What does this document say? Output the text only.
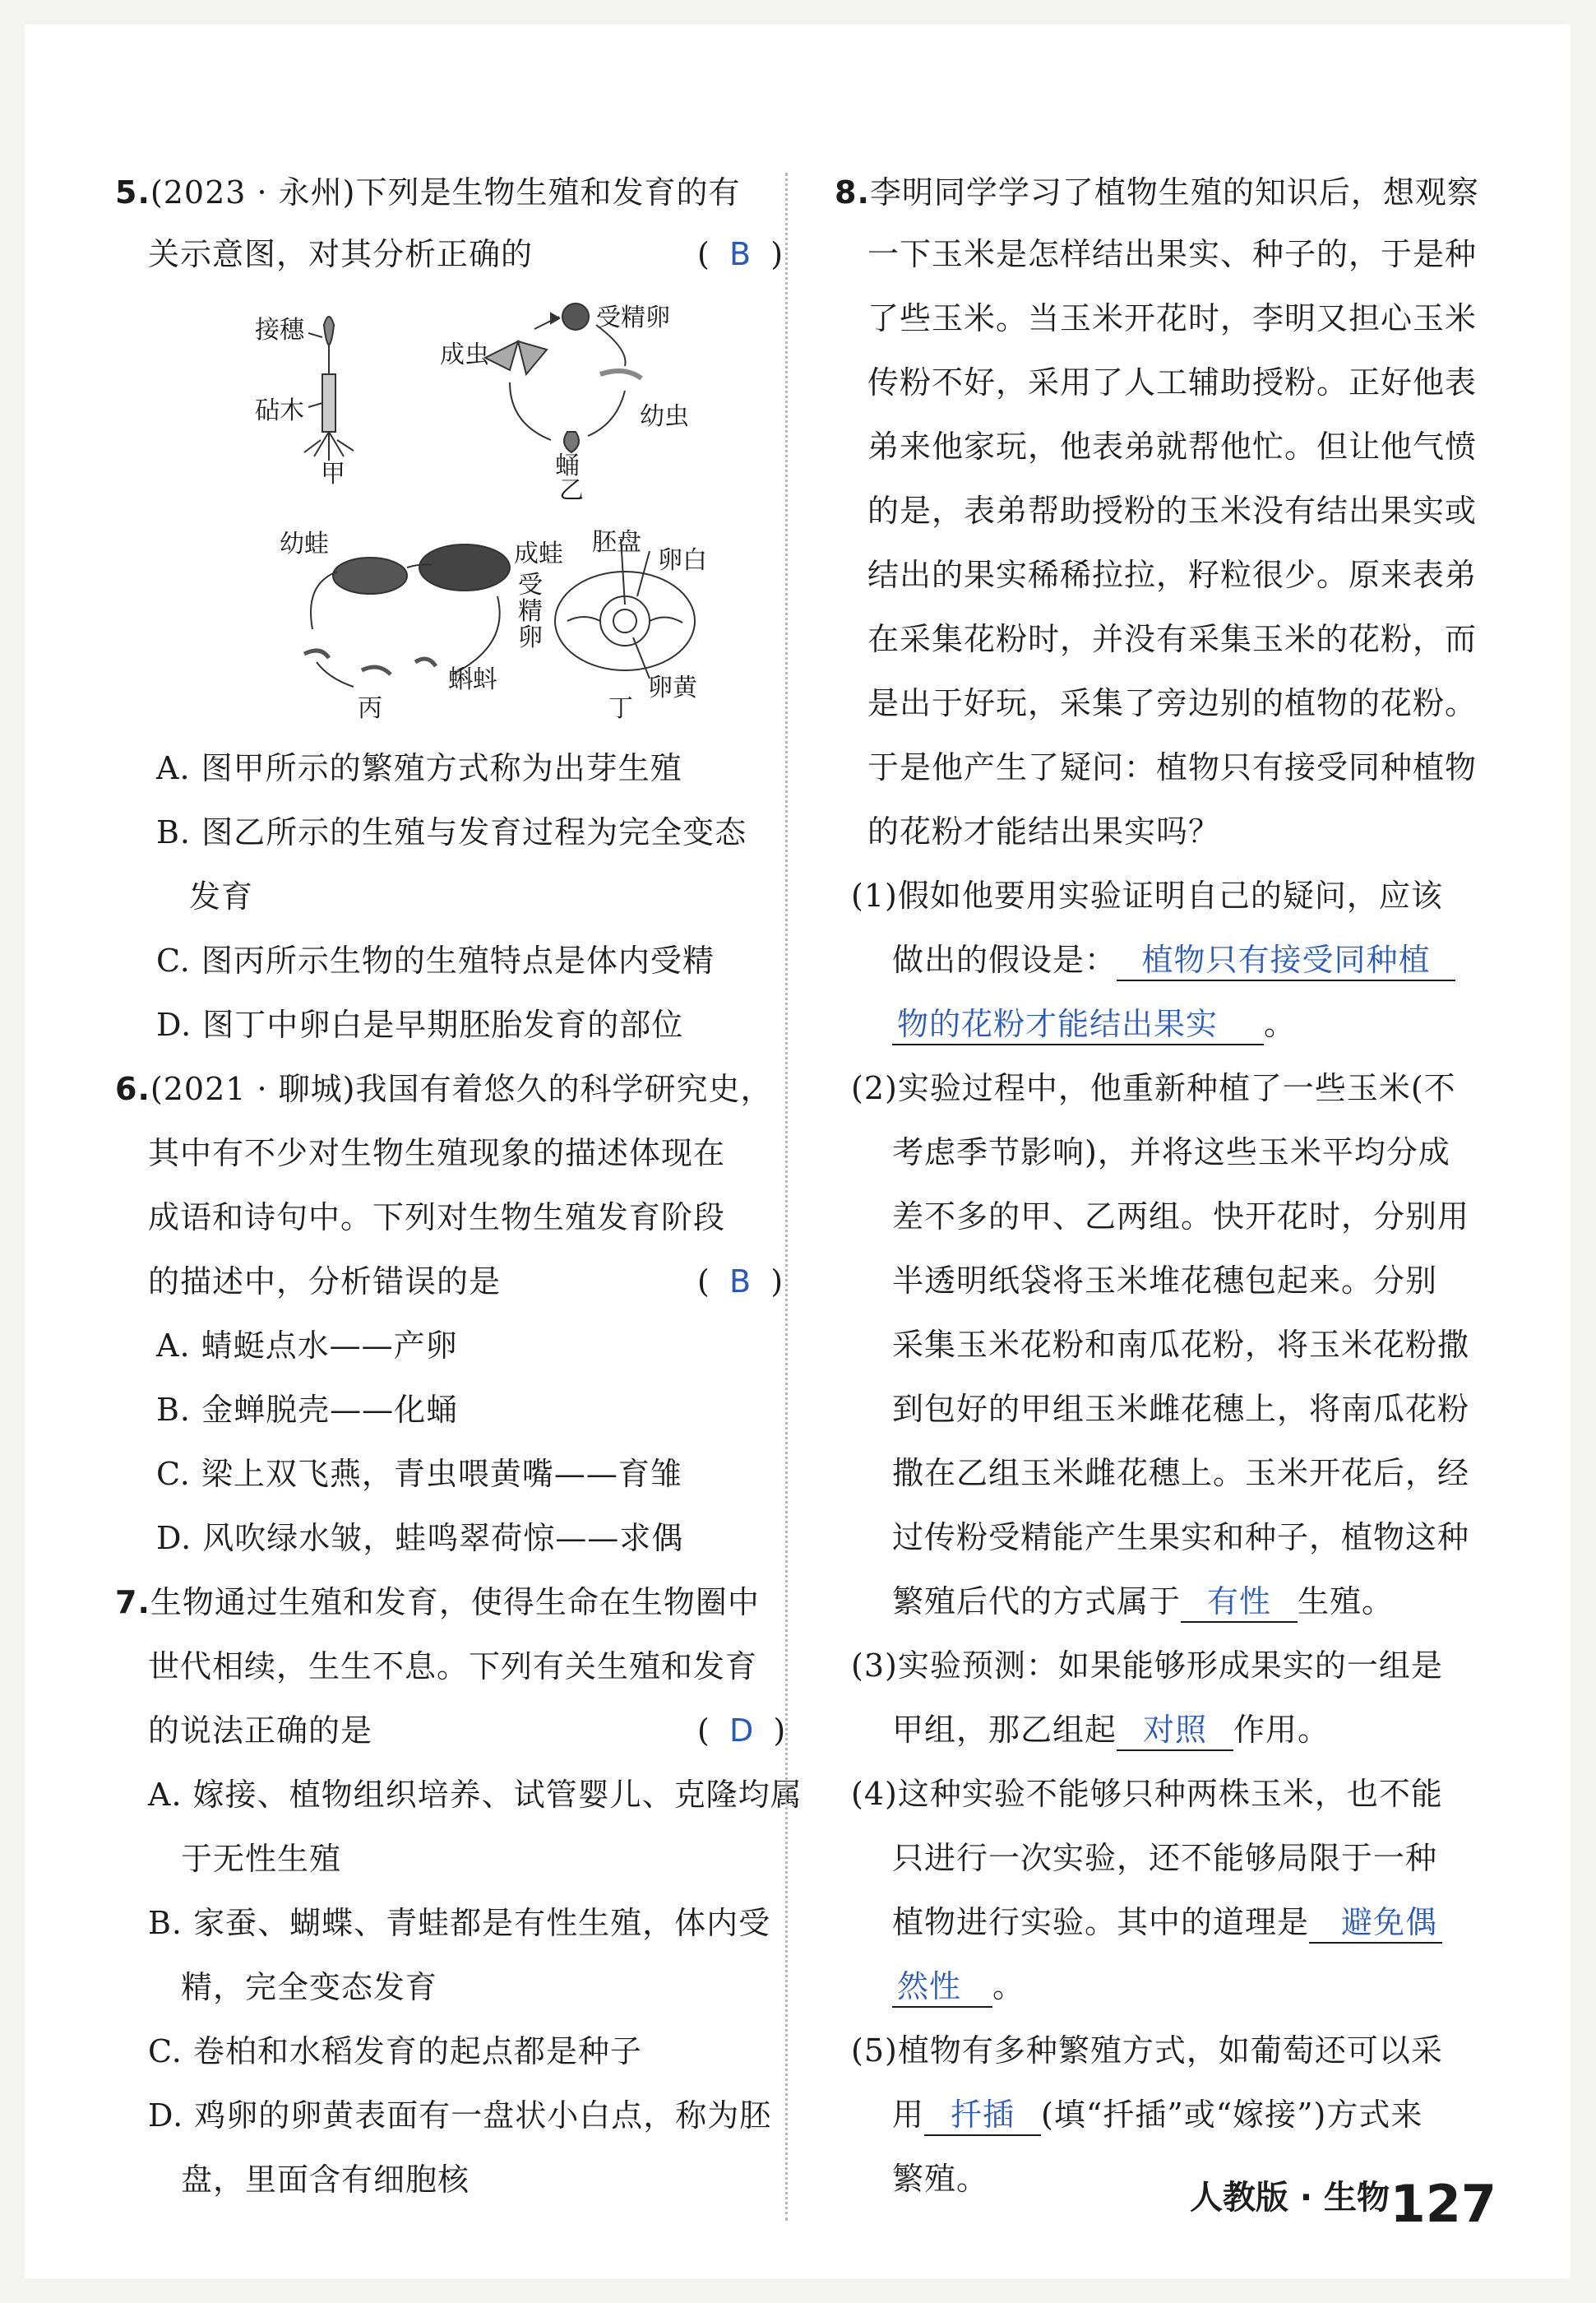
5.(2023 · 永州)下列是生物生殖和发育的有
关示意图，对其分析正确的	(  B  )
接穗
砧木
甲
受精卵
成虫
幼虫
蛹
乙
幼蛙	成蛙
受
精
卵
蝌蚪
丙
胚盘
卵白
卵黄
丁
A. 图甲所示的繁殖方式称为出芽生殖
B. 图乙所示的生殖与发育过程为完全变态
发育
C. 图丙所示生物的生殖特点是体内受精
D. 图丁中卵白是早期胚胎发育的部位
6.(2021 · 聊城)我国有着悠久的科学研究史，
其中有不少对生物生殖现象的描述体现在
成语和诗句中。下列对生物生殖发育阶段
的描述中，分析错误的是	(  B  )
A. 蜻蜓点水——产卵
B. 金蝉脱壳——化蛹
C. 梁上双飞燕，青虫喂黄嘴——育雏
D. 风吹绿水皱，蛙鸣翠荷惊——求偶
7.生物通过生殖和发育，使得生命在生物圈中
世代相续，生生不息。下列有关生殖和发育
的说法正确的是	(  D  )
A. 嫁接、植物组织培养、试管婴儿、克隆均属
于无性生殖
B. 家蚕、蝴蝶、青蛙都是有性生殖，体内受
精，完全变态发育
C. 卷柏和水稻发育的起点都是种子
D. 鸡卵的卵黄表面有一盘状小白点，称为胚
盘，里面含有细胞核
8.李明同学学习了植物生殖的知识后，想观察
一下玉米是怎样结出果实、种子的，于是种
了些玉米。当玉米开花时，李明又担心玉米
传粉不好，采用了人工辅助授粉。正好他表
弟来他家玩，他表弟就帮他忙。但让他气愤
的是，表弟帮助授粉的玉米没有结出果实或
结出的果实稀稀拉拉，籽粒很少。原来表弟
在采集花粉时，并没有采集玉米的花粉，而
是出于好玩，采集了旁边别的植物的花粉。
于是他产生了疑问：植物只有接受同种植物
的花粉才能结出果实吗？
(1)假如他要用实验证明自己的疑问，应该
做出的假设是： 植物只有接受同种植
物的花粉才能结出果实 。
(2)实验过程中，他重新种植了一些玉米(不
考虑季节影响)，并将这些玉米平均分成
差不多的甲、乙两组。快开花时，分别用
半透明纸袋将玉米堆花穗包起来。分别
采集玉米花粉和南瓜花粉，将玉米花粉撒
到包好的甲组玉米雌花穗上，将南瓜花粉
撒在乙组玉米雌花穗上。玉米开花后，经
过传粉受精能产生果实和种子，植物这种
繁殖后代的方式属于 有性 生殖。
(3)实验预测：如果能够形成果实的一组是
甲组，那乙组起 对照 作用。
(4)这种实验不能够只种两株玉米，也不能
只进行一次实验，还不能够局限于一种
植物进行实验。其中的道理是 避免偶
然性 。
(5)植物有多种繁殖方式，如葡萄还可以采
用 扦插 (填“扦插”或“嫁接”)方式来
繁殖。	人教版 · 生物 127
